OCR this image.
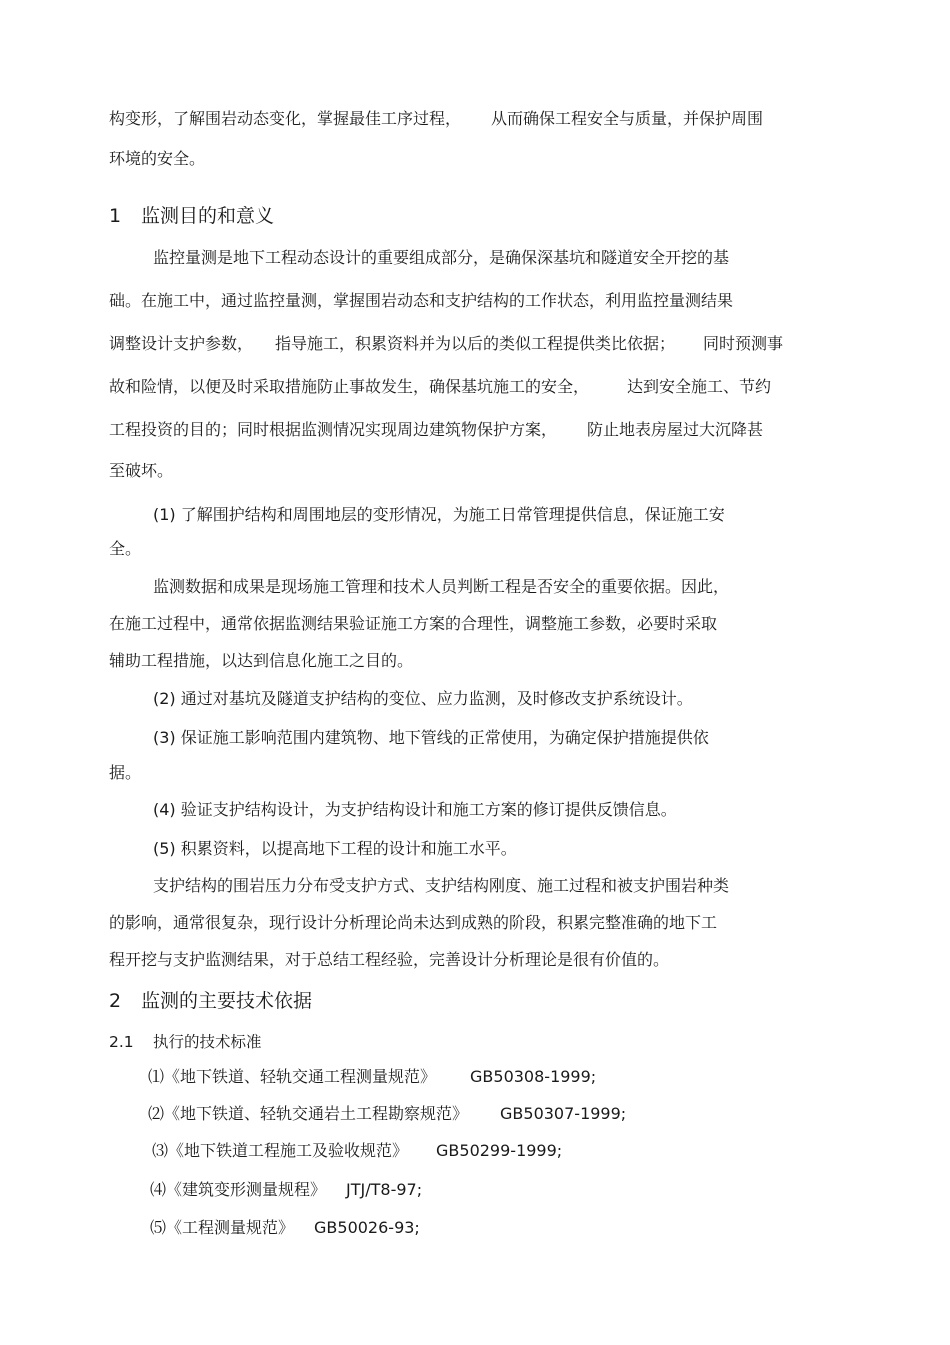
构变形，了解围岩动态变化，掌握最佳工序过程， 从而确保工程安全与质量，并保护周围
环境的安全。
1 监测目的和意义
监控量测是地下工程动态设计的重要组成部分，是确保深基坑和隧道安全开挖的基
础。在施工中，通过监控量测，掌握围岩动态和支护结构的工作状态，利用监控量测结果
调整设计支护参数， 指导施工，积累资料并为以后的类似工程提供类比依据； 同时预测事
故和险情，以便及时采取措施防止事故发生，确保基坑施工的安全， 达到安全施工、节约
工程投资的目的；同时根据监测情况实现周边建筑物保护方案， 防止地表房屋过大沉降甚
至破坏。
(1) 了解围护结构和周围地层的变形情况，为施工日常管理提供信息，保证施工安
全。
监测数据和成果是现场施工管理和技术人员判断工程是否安全的重要依据。因此，
在施工过程中，通常依据监测结果验证施工方案的合理性，调整施工参数，必要时采取
辅助工程措施，以达到信息化施工之目的。
(2) 通过对基坑及隧道支护结构的变位、应力监测，及时修改支护系统设计。
(3) 保证施工影响范围内建筑物、地下管线的正常使用，为确定保护措施提供依
据。
(4) 验证支护结构设计，为支护结构设计和施工方案的修订提供反馈信息。
(5) 积累资料，以提高地下工程的设计和施工水平。
支护结构的围岩压力分布受支护方式、支护结构刚度、施工过程和被支护围岩种类
的影响，通常很复杂，现行设计分析理论尚未达到成熟的阶段，积累完整准确的地下工
程开挖与支护监测结果，对于总结工程经验，完善设计分析理论是很有价值的。
2 监测的主要技术依据
2.1 执行的技术标准
⑴《地下铁道、轻轨交通工程测量规范》 GB50308-1999;
⑵《地下铁道、轻轨交通岩土工程勘察规范》 GB50307-1999;
⑶《地下铁道工程施工及验收规范》 GB50299-1999;
⑷《建筑变形测量规程》 JTJ/T8-97;
⑸《工程测量规范》 GB50026-93;
